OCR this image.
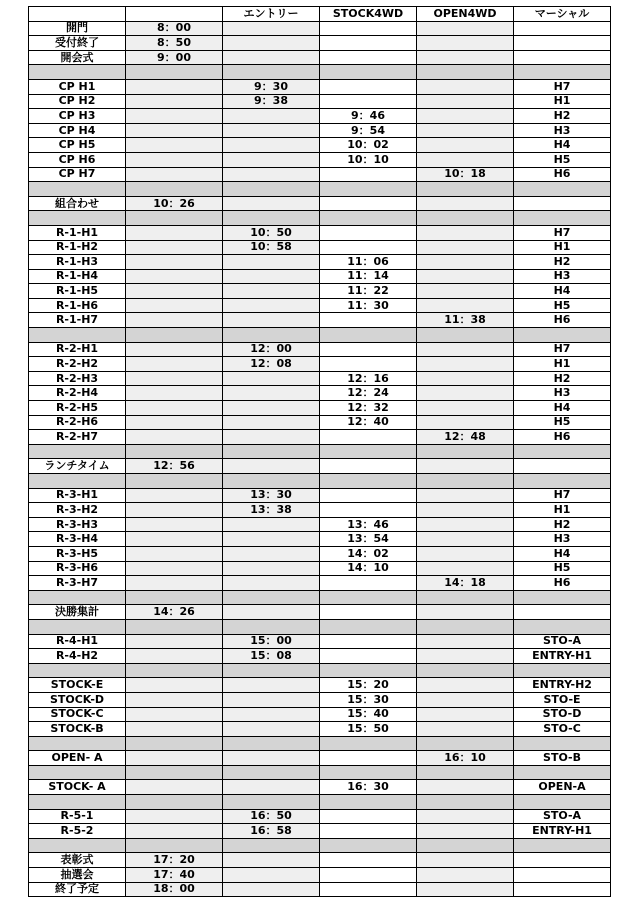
		エントリー	STOCK4WD	OPEN4WD	マーシャル
開門	8：00				
受付終了	8：50				
開会式	9：00				

CP H1		9：30			H7
CP H2		9：38			H1
CP H3			9：46		H2
CP H4			9：54		H3
CP H5			10：02		H4
CP H6			10：10		H5
CP H7				10：18	H6

組合わせ	10：26				

R-1-H1		10：50			H7
R-1-H2		10：58			H1
R-1-H3			11：06		H2
R-1-H4			11：14		H3
R-1-H5			11：22		H4
R-1-H6			11：30		H5
R-1-H7				11：38	H6

R-2-H1		12：00			H7
R-2-H2		12：08			H1
R-2-H3			12：16		H2
R-2-H4			12：24		H3
R-2-H5			12：32		H4
R-2-H6			12：40		H5
R-2-H7				12：48	H6

ランチタイム	12：56				

R-3-H1		13：30			H7
R-3-H2		13：38			H1
R-3-H3			13：46		H2
R-3-H4			13：54		H3
R-3-H5			14：02		H4
R-3-H6			14：10		H5
R-3-H7				14：18	H6

決勝集計	14：26				

R-4-H1		15：00			STO-A
R-4-H2		15：08			ENTRY-H1

STOCK-E			15：20		ENTRY-H2
STOCK-D			15：30		STO-E
STOCK-C			15：40		STO-D
STOCK-B			15：50		STO-C

OPEN- A				16：10	STO-B

STOCK- A			16：30		OPEN-A

R-5-1		16：50			STO-A
R-5-2		16：58			ENTRY-H1

表彰式	17：20				
抽選会	17：40				
終了予定	18：00				
